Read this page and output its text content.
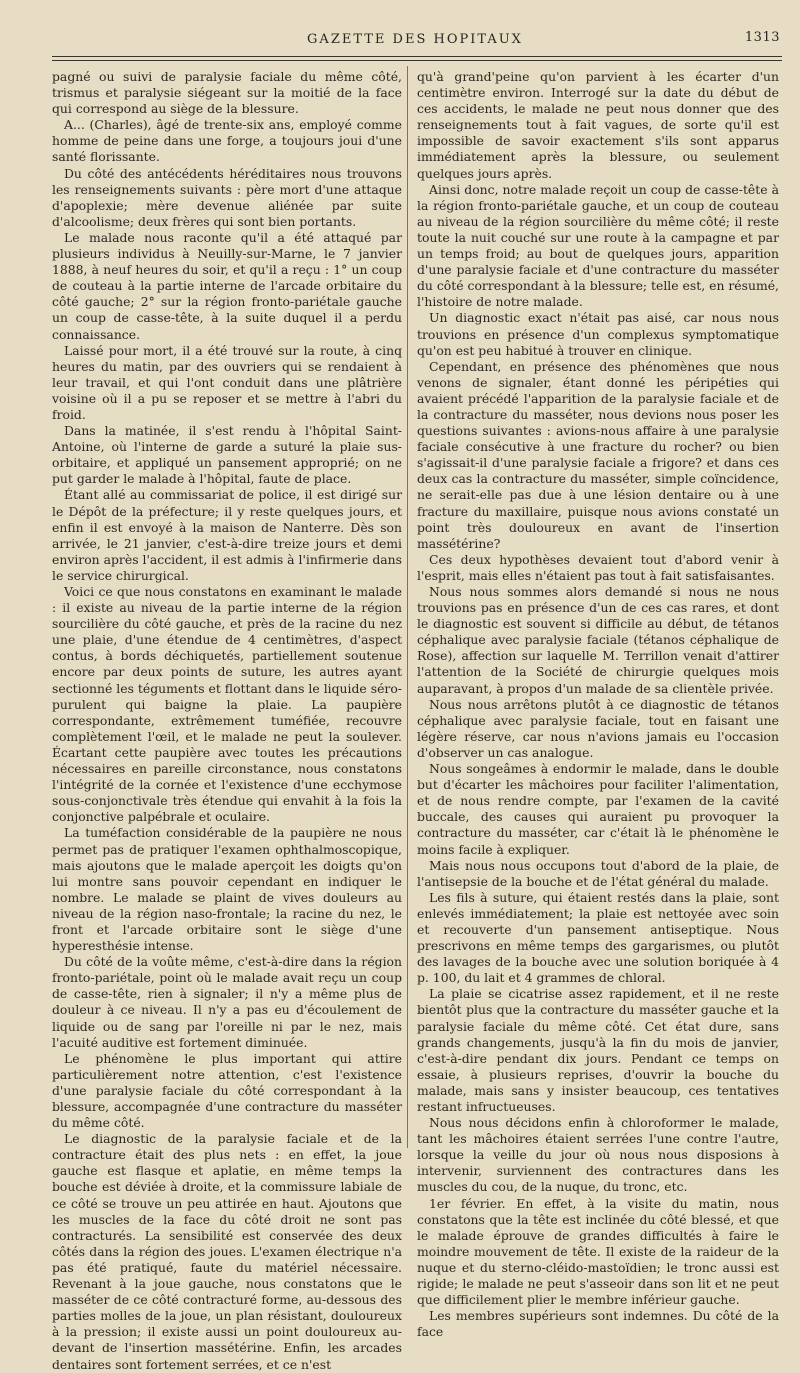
GAZETTE DES HOPITAUX	1313

pagné ou suivi de paralysie faciale du même côté, trismus et paralysie siégeant sur la moitié de la face qui correspond au siège de la blessure.

A... (Charles), âgé de trente-six ans, employé comme homme de peine dans une forge, a toujours joui d'une santé florissante.

Du côté des antécédents héréditaires nous trouvons les renseignements suivants : père mort d'une attaque d'apoplexie; mère devenue aliénée par suite d'alcoolisme; deux frères qui sont bien portants.

Le malade nous raconte qu'il a été attaqué par plusieurs individus à Neuilly-sur-Marne, le 7 janvier 1888, à neuf heures du soir, et qu'il a reçu : 1° un coup de couteau à la partie interne de l'arcade orbitaire du côté gauche; 2° sur la région fronto-pariétale gauche un coup de casse-tête, à la suite duquel il a perdu connaissance.

Laissé pour mort, il a été trouvé sur la route, à cinq heures du matin, par des ouvriers qui se rendaient à leur travail, et qui l'ont conduit dans une plâtrière voisine où il a pu se reposer et se mettre à l'abri du froid.

Dans la matinée, il s'est rendu à l'hôpital Saint-Antoine, où l'interne de garde a suturé la plaie sus-orbitaire, et appliqué un pansement approprié; on ne put garder le malade à l'hôpital, faute de place.

Étant allé au commissariat de police, il est dirigé sur le Dépôt de la préfecture; il y reste quelques jours, et enfin il est envoyé à la maison de Nanterre. Dès son arrivée, le 21 janvier, c'est-à-dire treize jours et demi environ après l'accident, il est admis à l'infirmerie dans le service chirurgical.

Voici ce que nous constatons en examinant le malade : il existe au niveau de la partie interne de la région sourcilière du côté gauche, et près de la racine du nez une plaie, d'une étendue de 4 centimètres, d'aspect contus, à bords déchiquetés, partiellement soutenue encore par deux points de suture, les autres ayant sectionné les téguments et flottant dans le liquide séro-purulent qui baigne la plaie. La paupière correspondante, extrêmement tuméfiée, recouvre complètement l'œil, et le malade ne peut la soulever. Écartant cette paupière avec toutes les précautions nécessaires en pareille circonstance, nous constatons l'intégrité de la cornée et l'existence d'une ecchymose sous-conjonctivale très étendue qui envahit à la fois la conjonctive palpébrale et oculaire.

La tuméfaction considérable de la paupière ne nous permet pas de pratiquer l'examen ophthalmoscopique, mais ajoutons que le malade aperçoit les doigts qu'on lui montre sans pouvoir cependant en indiquer le nombre. Le malade se plaint de vives douleurs au niveau de la région naso-frontale; la racine du nez, le front et l'arcade orbitaire sont le siège d'une hyperesthésie intense.

Du côté de la voûte même, c'est-à-dire dans la région fronto-pariétale, point où le malade avait reçu un coup de casse-tête, rien à signaler; il n'y a même plus de douleur à ce niveau. Il n'y a pas eu d'écoulement de liquide ou de sang par l'oreille ni par le nez, mais l'acuité auditive est fortement diminuée.

Le phénomène le plus important qui attire particulièrement notre attention, c'est l'existence d'une paralysie faciale du côté correspondant à la blessure, accompagnée d'une contracture du masséter du même côté.

Le diagnostic de la paralysie faciale et de la contracture était des plus nets : en effet, la joue gauche est flasque et aplatie, en même temps la bouche est déviée à droite, et la commissure labiale de ce côté se trouve un peu attirée en haut. Ajoutons que les muscles de la face du côté droit ne sont pas contracturés. La sensibilité est conservée des deux côtés dans la région des joues. L'examen électrique n'a pas été pratiqué, faute du matériel nécessaire. Revenant à la joue gauche, nous constatons que le masséter de ce côté contracturé forme, au-dessous des parties molles de la joue, un plan résistant, douloureux à la pression; il existe aussi un point douloureux au-devant de l'insertion massétérine. Enfin, les arcades dentaires sont fortement serrées, et ce n'est

qu'à grand'peine qu'on parvient à les écarter d'un centimètre environ. Interrogé sur la date du début de ces accidents, le malade ne peut nous donner que des renseignements tout à fait vagues, de sorte qu'il est impossible de savoir exactement s'ils sont apparus immédiatement après la blessure, ou seulement quelques jours après.

Ainsi donc, notre malade reçoit un coup de casse-tête à la région fronto-pariétale gauche, et un coup de couteau au niveau de la région sourcilière du même côté; il reste toute la nuit couché sur une route à la campagne et par un temps froid; au bout de quelques jours, apparition d'une paralysie faciale et d'une contracture du masséter du côté correspondant à la blessure; telle est, en résumé, l'histoire de notre malade.

Un diagnostic exact n'était pas aisé, car nous nous trouvions en présence d'un complexus symptomatique qu'on est peu habitué à trouver en clinique.

Cependant, en présence des phénomènes que nous venons de signaler, étant donné les péripéties qui avaient précédé l'apparition de la paralysie faciale et de la contracture du masséter, nous devions nous poser les questions suivantes : avions-nous affaire à une paralysie faciale consécutive à une fracture du rocher? ou bien s'agissait-il d'une paralysie faciale a frigore? et dans ces deux cas la contracture du masséter, simple coïncidence, ne serait-elle pas due à une lésion dentaire ou à une fracture du maxillaire, puisque nous avions constaté un point très douloureux en avant de l'insertion massétérine?

Ces deux hypothèses devaient tout d'abord venir à l'esprit, mais elles n'étaient pas tout à fait satisfaisantes.

Nous nous sommes alors demandé si nous ne nous trouvions pas en présence d'un de ces cas rares, et dont le diagnostic est souvent si difficile au début, de tétanos céphalique avec paralysie faciale (tétanos céphalique de Rose), affection sur laquelle M. Terrillon venait d'attirer l'attention de la Société de chirurgie quelques mois auparavant, à propos d'un malade de sa clientèle privée.

Nous nous arrêtons plutôt à ce diagnostic de tétanos céphalique avec paralysie faciale, tout en faisant une légère réserve, car nous n'avions jamais eu l'occasion d'observer un cas analogue.

Nous songeâmes à endormir le malade, dans le double but d'écarter les mâchoires pour faciliter l'alimentation, et de nous rendre compte, par l'examen de la cavité buccale, des causes qui auraient pu provoquer la contracture du masséter, car c'était là le phénomène le moins facile à expliquer.

Mais nous nous occupons tout d'abord de la plaie, de l'antisepsie de la bouche et de l'état général du malade.

Les fils à suture, qui étaient restés dans la plaie, sont enlevés immédiatement; la plaie est nettoyée avec soin et recouverte d'un pansement antiseptique. Nous prescrivons en même temps des gargarismes, ou plutôt des lavages de la bouche avec une solution boriquée à 4 p. 100, du lait et 4 grammes de chloral.

La plaie se cicatrise assez rapidement, et il ne reste bientôt plus que la contracture du masséter gauche et la paralysie faciale du même côté. Cet état dure, sans grands changements, jusqu'à la fin du mois de janvier, c'est-à-dire pendant dix jours. Pendant ce temps on essaie, à plusieurs reprises, d'ouvrir la bouche du malade, mais sans y insister beaucoup, ces tentatives restant infructueuses.

Nous nous décidons enfin à chloroformer le malade, tant les mâchoires étaient serrées l'une contre l'autre, lorsque la veille du jour où nous nous disposions à intervenir, surviennent des contractures dans les muscles du cou, de la nuque, du tronc, etc.

1er février. En effet, à la visite du matin, nous constatons que la tête est inclinée du côté blessé, et que le malade éprouve de grandes difficultés à faire le moindre mouvement de tête. Il existe de la raideur de la nuque et du sterno-cléido-mastoïdien; le tronc aussi est rigide; le malade ne peut s'asseoir dans son lit et ne peut que difficilement plier le membre inférieur gauche.

Les membres supérieurs sont indemnes. Du côté de la face
